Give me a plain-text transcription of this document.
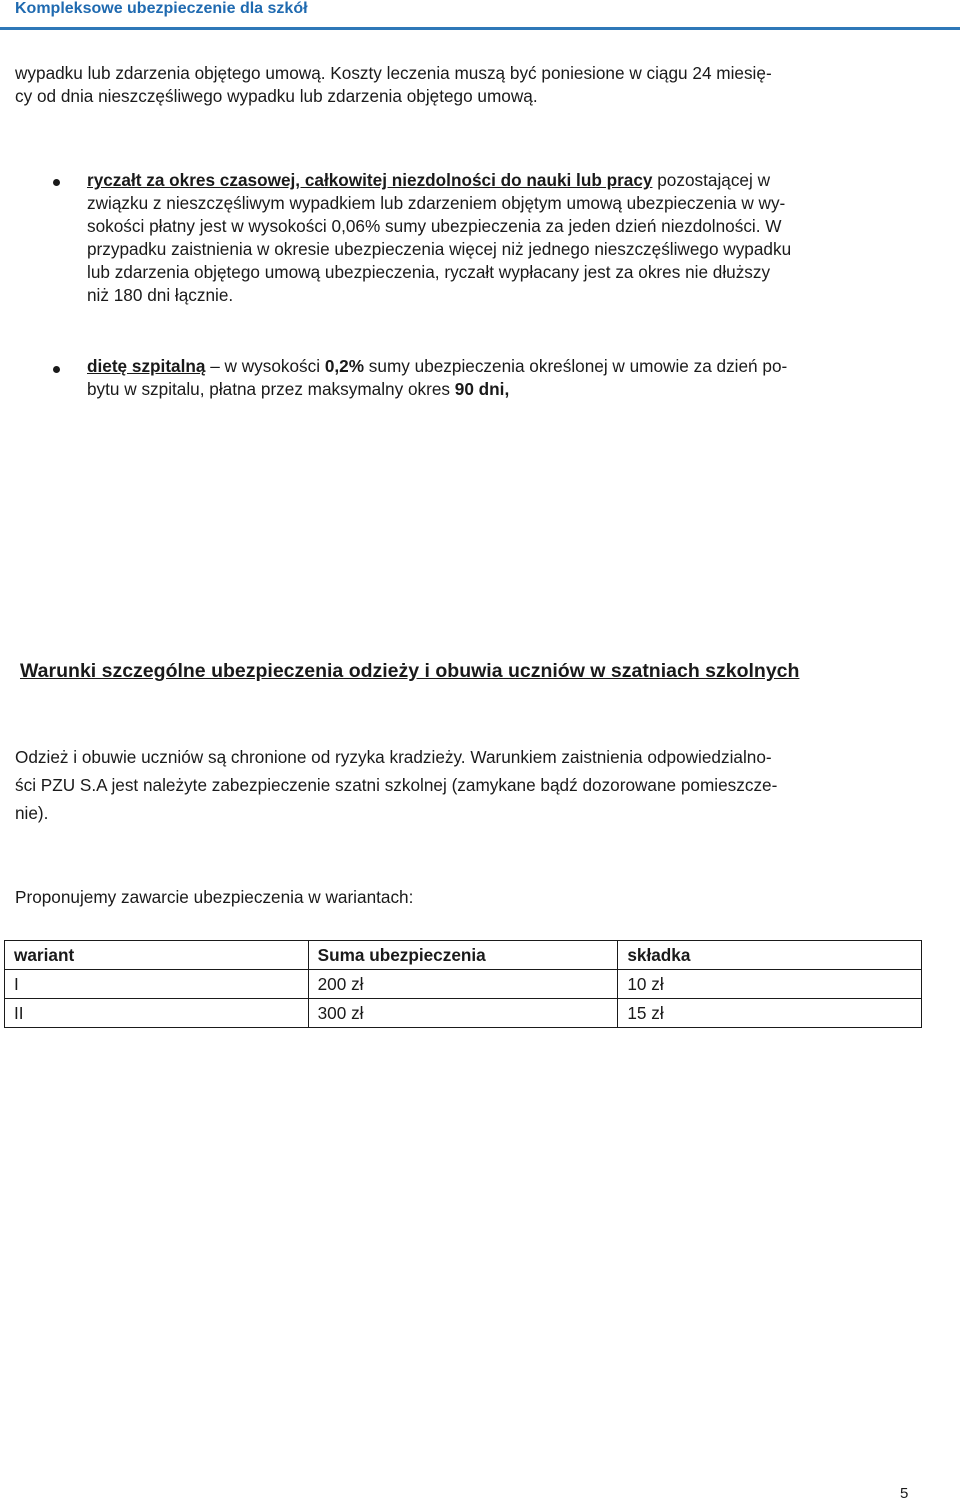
Kompleksowe ubezpieczenie dla szkół
wypadku lub zdarzenia objętego umową. Koszty leczenia muszą być poniesione w ciągu 24 miesię-
cy od dnia nieszczęśliwego wypadku lub zdarzenia objętego umową.
ryczałt za okres czasowej, całkowitej niezdolności do nauki lub pracy pozostającej w
związku z nieszczęśliwym wypadkiem lub zdarzeniem objętym umową ubezpieczenia w wy-
sokości płatny jest w wysokości 0,06% sumy ubezpieczenia za jeden dzień niezdolności. W
przypadku zaistnienia w okresie ubezpieczenia więcej niż jednego nieszczęśliwego wypadku
lub zdarzenia objętego umową ubezpieczenia, ryczałt wypłacany jest za okres nie dłuższy
niż 180 dni łącznie.
dietę szpitalną – w wysokości 0,2% sumy ubezpieczenia określonej w umowie za dzień po-
bytu w szpitalu, płatna przez maksymalny okres 90 dni,
Warunki szczególne ubezpieczenia odzieży i obuwia uczniów w szatniach szkolnych
Odzież i obuwie uczniów są chronione od ryzyka kradzieży. Warunkiem zaistnienia odpowiedzialno-
ści PZU S.A jest należyte zabezpieczenie szatni szkolnej (zamykane bądź dozorowane pomieszcze-
nie).
Proponujemy zawarcie ubezpieczenia w wariantach:
wariant	Suma ubezpieczenia	składka
I	200 zł	10 zł
II	300 zł	15 zł
5
